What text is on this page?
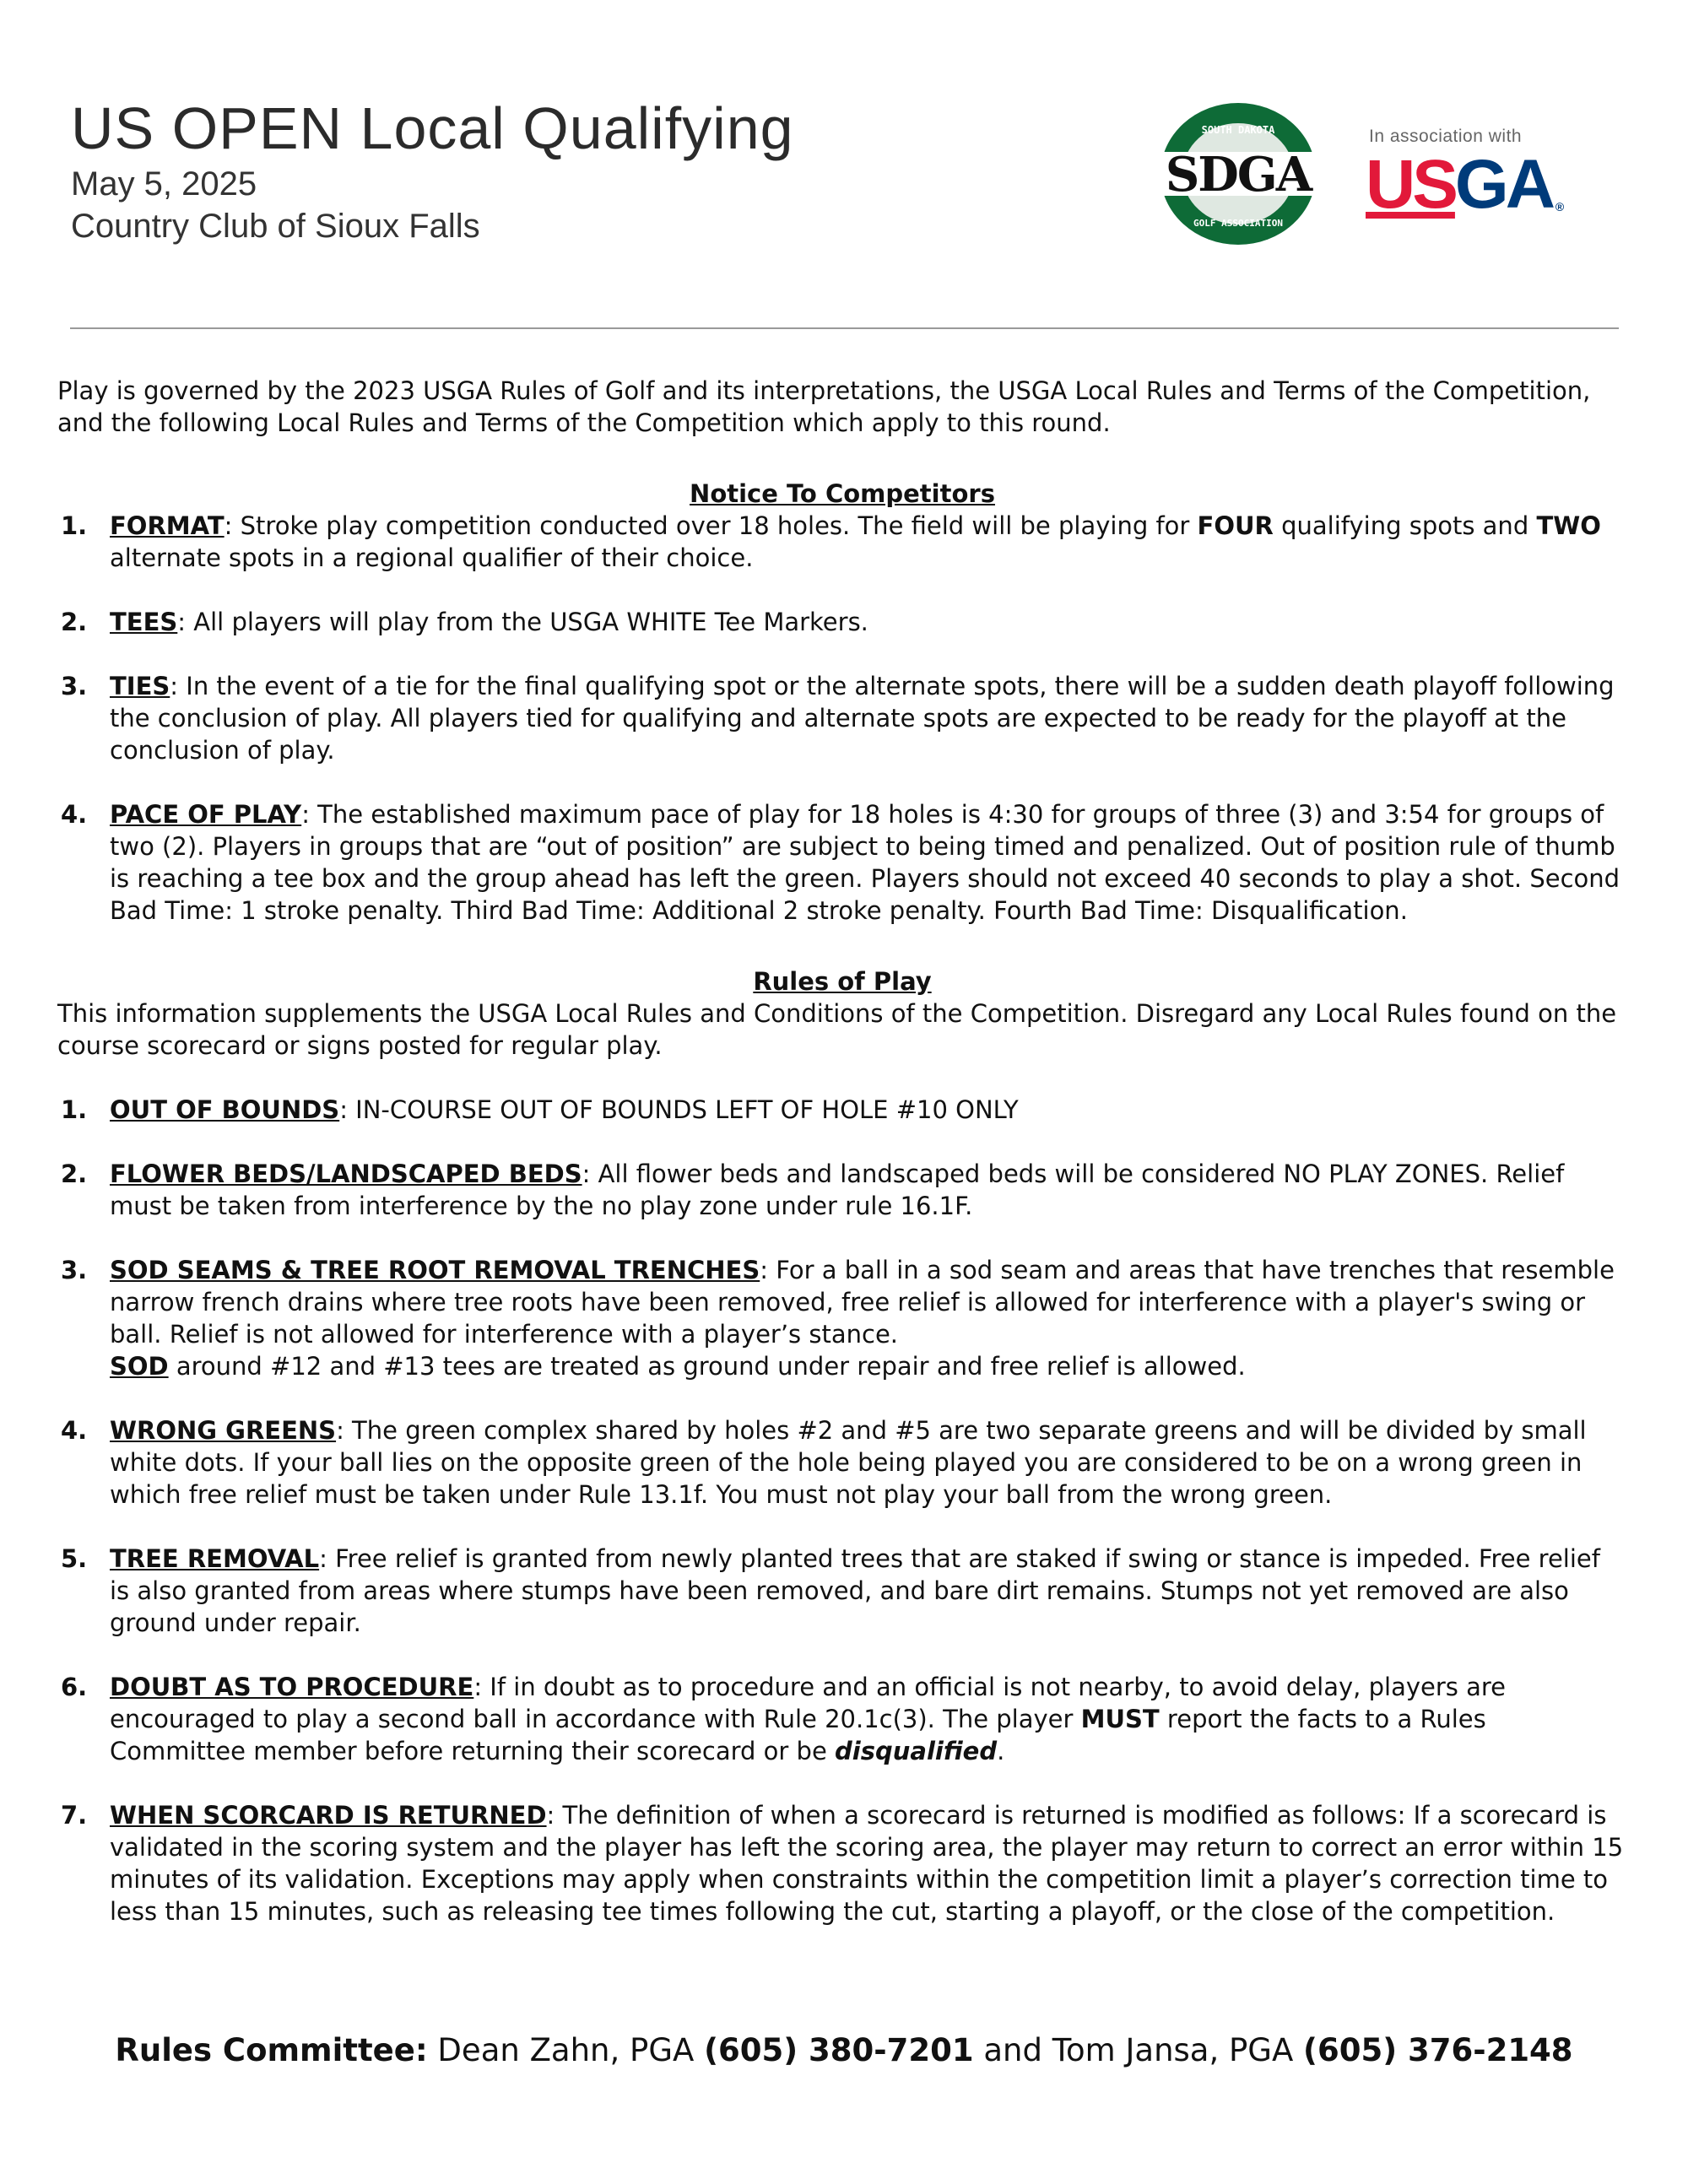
US OPEN Local Qualifying
May 5, 2025
Country Club of Sioux Falls
SOUTH DAKOTA
SDGA
GOLF ASSOCIATION
In association with
USGA ®

Play is governed by the 2023 USGA Rules of Golf and its interpretations, the USGA Local Rules and Terms of the Competition, and the following Local Rules and Terms of the Competition which apply to this round.

Notice To Competitors

1. FORMAT: Stroke play competition conducted over 18 holes. The field will be playing for FOUR qualifying spots and TWO alternate spots in a regional qualifier of their choice.
2. TEES: All players will play from the USGA WHITE Tee Markers.
3. TIES: In the event of a tie for the final qualifying spot or the alternate spots, there will be a sudden death playoff following the conclusion of play. All players tied for qualifying and alternate spots are expected to be ready for the playoff at the conclusion of play.
4. PACE OF PLAY: The established maximum pace of play for 18 holes is 4:30 for groups of three (3) and 3:54 for groups of two (2). Players in groups that are “out of position” are subject to being timed and penalized. Out of position rule of thumb is reaching a tee box and the group ahead has left the green. Players should not exceed 40 seconds to play a shot. Second Bad Time: 1 stroke penalty. Third Bad Time: Additional 2 stroke penalty. Fourth Bad Time: Disqualification.

Rules of Play

This information supplements the USGA Local Rules and Conditions of the Competition. Disregard any Local Rules found on the course scorecard or signs posted for regular play.

1. OUT OF BOUNDS: IN-COURSE OUT OF BOUNDS LEFT OF HOLE #10 ONLY
2. FLOWER BEDS/LANDSCAPED BEDS: All flower beds and landscaped beds will be considered NO PLAY ZONES. Relief must be taken from interference by the no play zone under rule 16.1F.
3. SOD SEAMS & TREE ROOT REMOVAL TRENCHES: For a ball in a sod seam and areas that have trenches that resemble narrow french drains where tree roots have been removed, free relief is allowed for interference with a player's swing or ball. Relief is not allowed for interference with a player’s stance.
SOD around #12 and #13 tees are treated as ground under repair and free relief is allowed.
4. WRONG GREENS: The green complex shared by holes #2 and #5 are two separate greens and will be divided by small white dots. If your ball lies on the opposite green of the hole being played you are considered to be on a wrong green in which free relief must be taken under Rule 13.1f. You must not play your ball from the wrong green.
5. TREE REMOVAL: Free relief is granted from newly planted trees that are staked if swing or stance is impeded. Free relief is also granted from areas where stumps have been removed, and bare dirt remains. Stumps not yet removed are also ground under repair.
6. DOUBT AS TO PROCEDURE: If in doubt as to procedure and an official is not nearby, to avoid delay, players are encouraged to play a second ball in accordance with Rule 20.1c(3). The player MUST report the facts to a Rules Committee member before returning their scorecard or be disqualified.
7. WHEN SCORCARD IS RETURNED: The definition of when a scorecard is returned is modified as follows: If a scorecard is validated in the scoring system and the player has left the scoring area, the player may return to correct an error within 15 minutes of its validation. Exceptions may apply when constraints within the competition limit a player’s correction time to less than 15 minutes, such as releasing tee times following the cut, starting a playoff, or the close of the competition.
Rules Committee: Dean Zahn, PGA (605) 380-7201 and Tom Jansa, PGA (605) 376-2148
